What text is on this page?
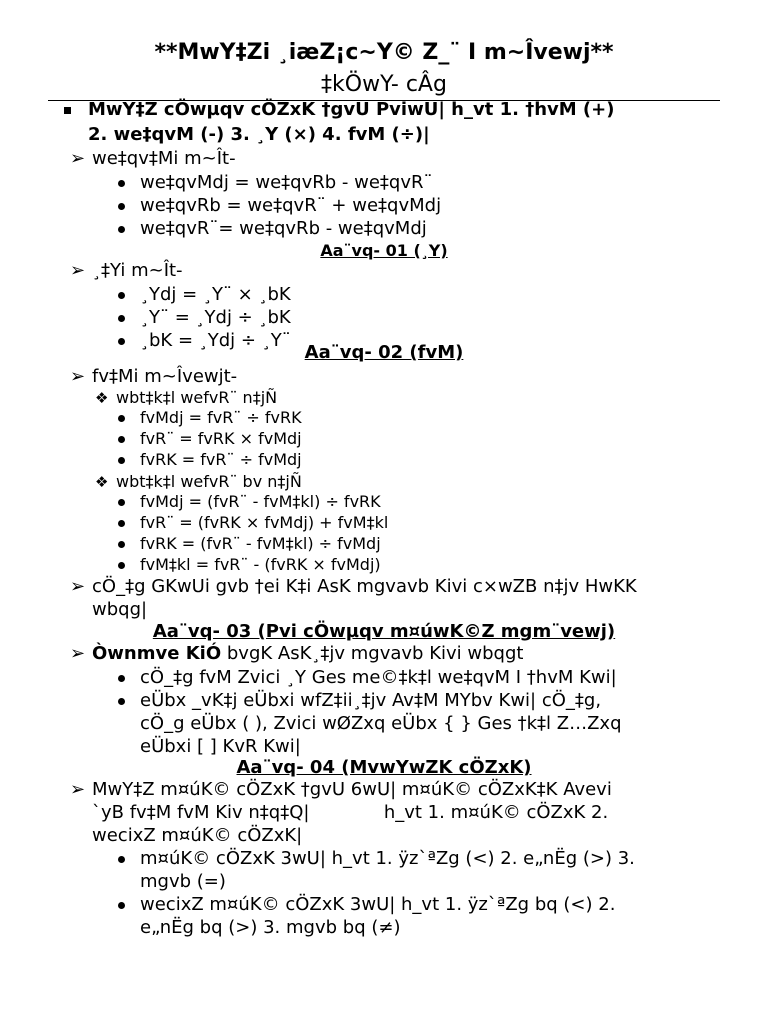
**MwY‡Zi ¸iæZ¡c~Y© Z_¨ I m~Îvewj**
‡kÖwY- cÂg
MwY‡Z cÖwµqv cÖZxK †gvU PviwU| h_vt 1. †hvM (+)
2. we‡qvM (-) 3. ¸Y (×) 4. fvM (÷)|
➢ we‡qv‡Mi m~Ît-
we‡qvMdj = we‡qvRb - we‡qvR¨
we‡qvRb = we‡qvR¨ + we‡qvMdj
we‡qvR¨= we‡qvRb - we‡qvMdj
Aa¨vq- 01 (¸Y)
➢ ¸‡Yi m~Ît-
¸Ydj = ¸Y¨ × ¸bK
¸Y¨ = ¸Ydj ÷ ¸bK
¸bK = ¸Ydj ÷ ¸Y¨
Aa¨vq- 02 (fvM)
➢ fv‡Mi m~Îvewjt-
❖ wbt‡k‡l wefvR¨ n‡jÑ
fvMdj = fvR¨ ÷ fvRK
fvR¨ = fvRK × fvMdj
fvRK = fvR¨ ÷ fvMdj
❖ wbt‡k‡l wefvR¨ bv n‡jÑ
fvMdj = (fvR¨ - fvM‡kl) ÷ fvRK
fvR¨ = (fvRK × fvMdj) + fvM‡kl
fvRK = (fvR¨ - fvM‡kl) ÷ fvMdj
fvM‡kl = fvR¨ - (fvRK × fvMdj)
➢ cÖ_‡g GKwUi gvb †ei K‡i AsK mgvavb Kivi c×wZB n‡jv HwKK
wbqg|
Aa¨vq- 03 (Pvi cÖwµqv m¤úwK©Z mgm¨vewj)
➢ Òwnmve KiÓ bvgK AsK¸‡jv mgvavb Kivi wbqgt
cÖ_‡g fvM Zvici ¸Y Ges me©‡k‡l we‡qvM I †hvM Kwi|
eÜbx _vK‡j eÜbxi wfZ‡ii¸‡jv Av‡M MYbv Kwi| cÖ_‡g,
cÖ_g eÜbx ( ), Zvici wØZxq eÜbx { } Ges †k‡l Z…Zxq
eÜbxi [ ] KvR Kwi|
Aa¨vq- 04 (MvwYwZK cÖZxK)
➢ MwY‡Z m¤úK© cÖZxK †gvU 6wU| m¤úK© cÖZxK‡K Avevi
`yB fv‡M fvM Kiv n‡q‡Q|             h_vt 1. m¤úK© cÖZxK 2.
wecixZ m¤úK© cÖZxK|
m¤úK© cÖZxK 3wU| h_vt 1. ÿz`ªZg (<) 2. e„nËg (>) 3.
mgvb (=)
wecixZ m¤úK© cÖZxK 3wU| h_vt 1. ÿz`ªZg bq (<) 2.
e„nËg bq (>) 3. mgvb bq (≠)
